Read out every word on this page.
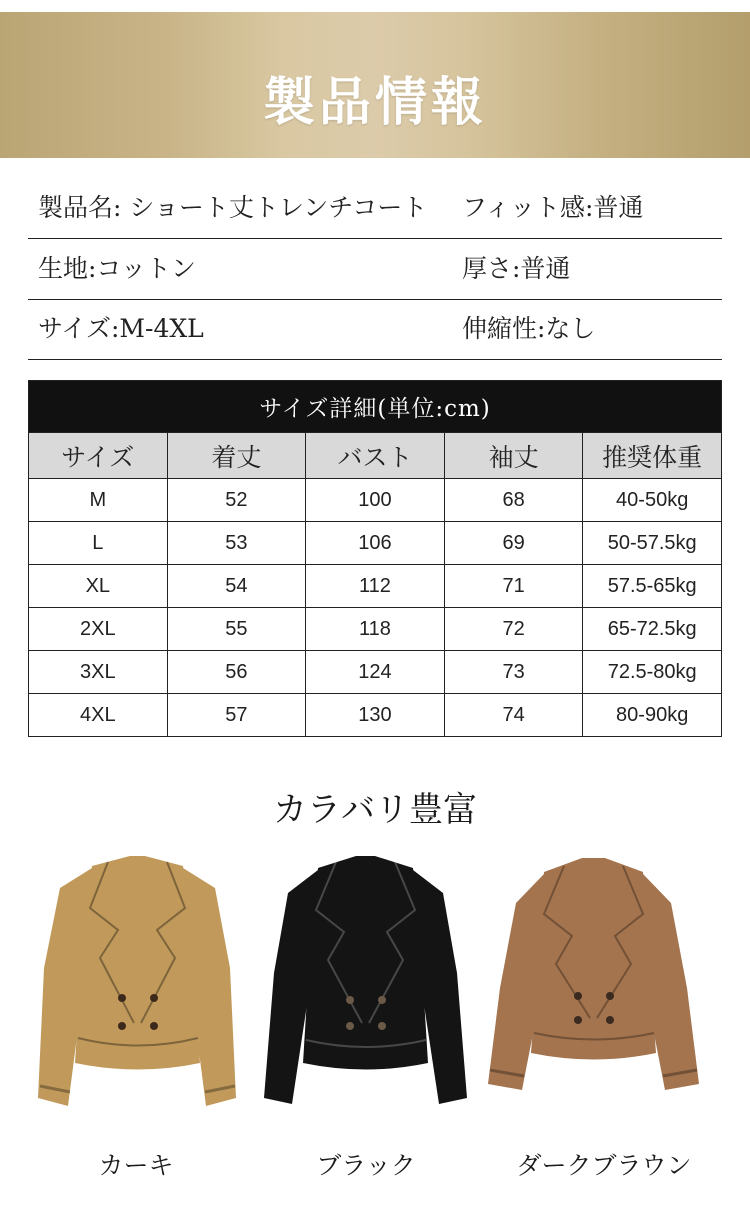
製品情報
製品名: ショート丈トレンチコート フィット感:普通
生地:コットン	厚さ:普通
サイズ:M-4XL	伸縮性:なし
サイズ詳細(単位:cm)				
サイズ	着丈	バスト	袖丈	推奨体重
M	52	100	68	40-50kg
L	53	106	69	50-57.5kg
XL	54	112	71	57.5-65kg
2XL	55	118	72	65-72.5kg
3XL	56	124	73	72.5-80kg
4XL	57	130	74	80-90kg
カラバリ豊富
カーキ	ブラック	ダークブラウン
